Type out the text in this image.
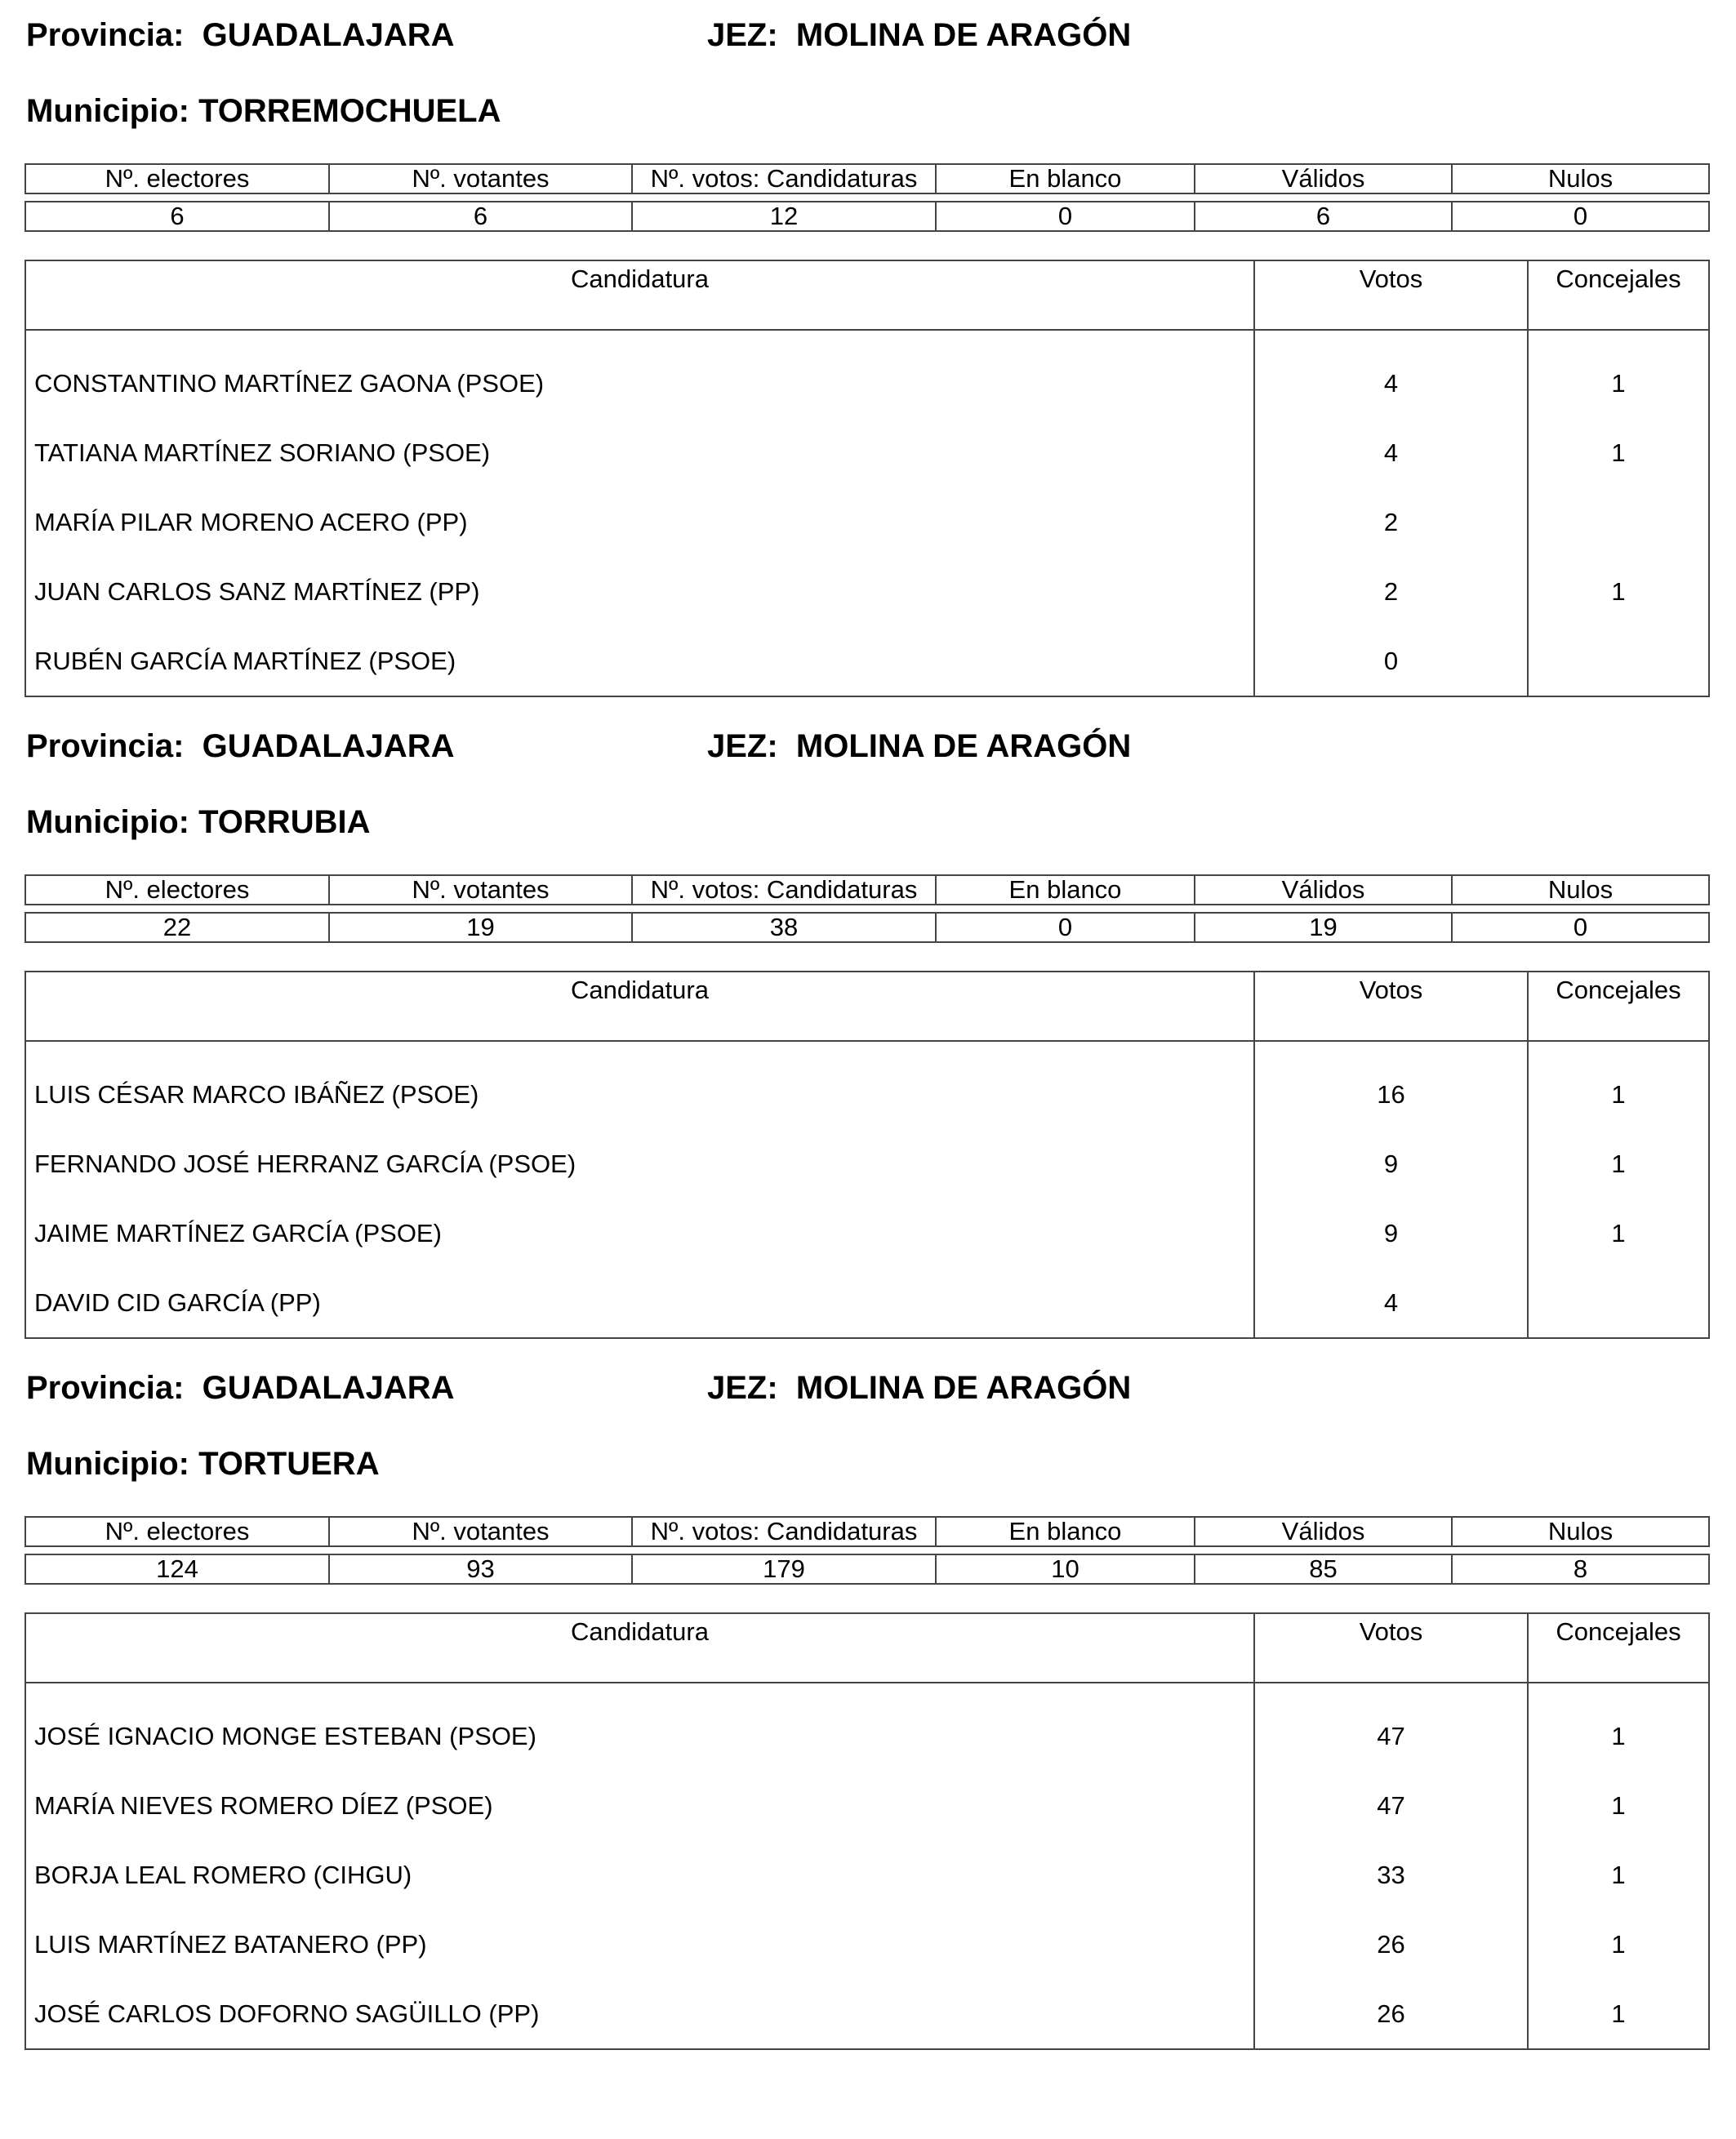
Provincia: GUADALAJARA	JEZ: MOLINA DE ARAGÓN
Municipio: TORREMOCHUELA
Nº. electores	Nº. votantes	Nº. votos: Candidaturas	En blanco	Válidos	Nulos

6	6	12	0	6	0
Candidatura	Votos	Concejales
CONSTANTINO MARTÍNEZ GAONA (PSOE)	4	1
TATIANA MARTÍNEZ SORIANO (PSOE)	4	1
MARÍA PILAR MORENO ACERO (PP)	2	
JUAN CARLOS SANZ MARTÍNEZ (PP)	2	1
RUBÉN GARCÍA MARTÍNEZ (PSOE)	0	
Provincia: GUADALAJARA	JEZ: MOLINA DE ARAGÓN
Municipio: TORRUBIA
Nº. electores	Nº. votantes	Nº. votos: Candidaturas	En blanco	Válidos	Nulos

22	19	38	0	19	0
Candidatura	Votos	Concejales
LUIS CÉSAR MARCO IBÁÑEZ (PSOE)	16	1
FERNANDO JOSÉ HERRANZ GARCÍA (PSOE)	9	1
JAIME MARTÍNEZ GARCÍA (PSOE)	9	1
DAVID CID GARCÍA (PP)	4	
Provincia: GUADALAJARA	JEZ: MOLINA DE ARAGÓN
Municipio: TORTUERA
Nº. electores	Nº. votantes	Nº. votos: Candidaturas	En blanco	Válidos	Nulos

124	93	179	10	85	8
Candidatura	Votos	Concejales
JOSÉ IGNACIO MONGE ESTEBAN (PSOE)	47	1
MARÍA NIEVES ROMERO DÍEZ (PSOE)	47	1
BORJA LEAL ROMERO (CIHGU)	33	1
LUIS MARTÍNEZ BATANERO (PP)	26	1
JOSÉ CARLOS DOFORNO SAGÜILLO (PP)	26	1
